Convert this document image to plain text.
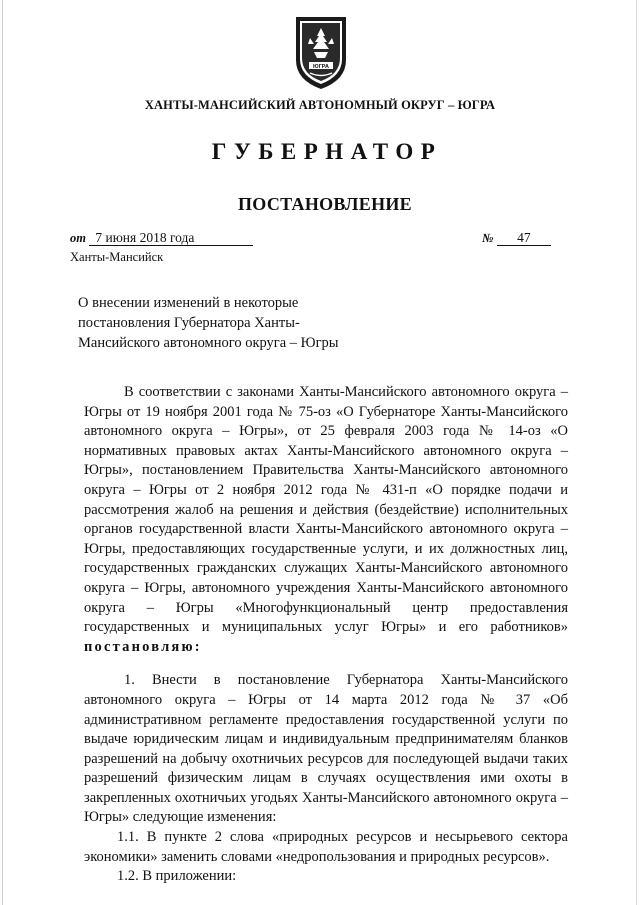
ЮГРА
ХАНТЫ-МАНСИЙСКИЙ АВТОНОМНЫЙ ОКРУГ – ЮГРА
ГУБЕРНАТОР
ПОСТАНОВЛЕНИЕ
от 7 июня 2018 года	№ 47
Ханты-Мансийск
О внесении изменений в некоторые
постановления Губернатора Ханты-
Мансийского автономного округа – Югры

В соответствии с законами Ханты-Мансийского автономного округа – Югры от 19 ноября 2001 года № 75-оз «О Губернаторе Ханты-Мансийского автономного округа – Югры», от 25 февраля 2003 года № 14-оз «О нормативных правовых актах Ханты-Мансийского автономного округа – Югры», постановлением Правительства Ханты-Мансийского автономного округа – Югры от 2 ноября 2012 года № 431-п «О порядке подачи и рассмотрения жалоб на решения и действия (бездействие) исполнительных органов государственной власти Ханты-Мансийского автономного округа – Югры, предоставляющих государственные услуги, и их должностных лиц, государственных гражданских служащих Ханты-Мансийского автономного округа – Югры, автономного учреждения Ханты-Мансийского автономного округа – Югры «Многофункциональный центр предоставления государственных и муниципальных услуг Югры» и его работников» постановляю:

1. Внести в постановление Губернатора Ханты-Мансийского автономного округа – Югры от 14 марта 2012 года № 37 «Об административном регламенте предоставления государственной услуги по выдаче юридическим лицам и индивидуальным предпринимателям бланков разрешений на добычу охотничьих ресурсов для последующей выдачи таких разрешений физическим лицам в случаях осуществления ими охоты в закрепленных охотничьих угодьях Ханты-Мансийского автономного округа – Югры» следующие изменения:

1.1. В пункте 2 слова «природных ресурсов и несырьевого сектора экономики» заменить словами «недропользования и природных ресурсов».

1.2. В приложении:
